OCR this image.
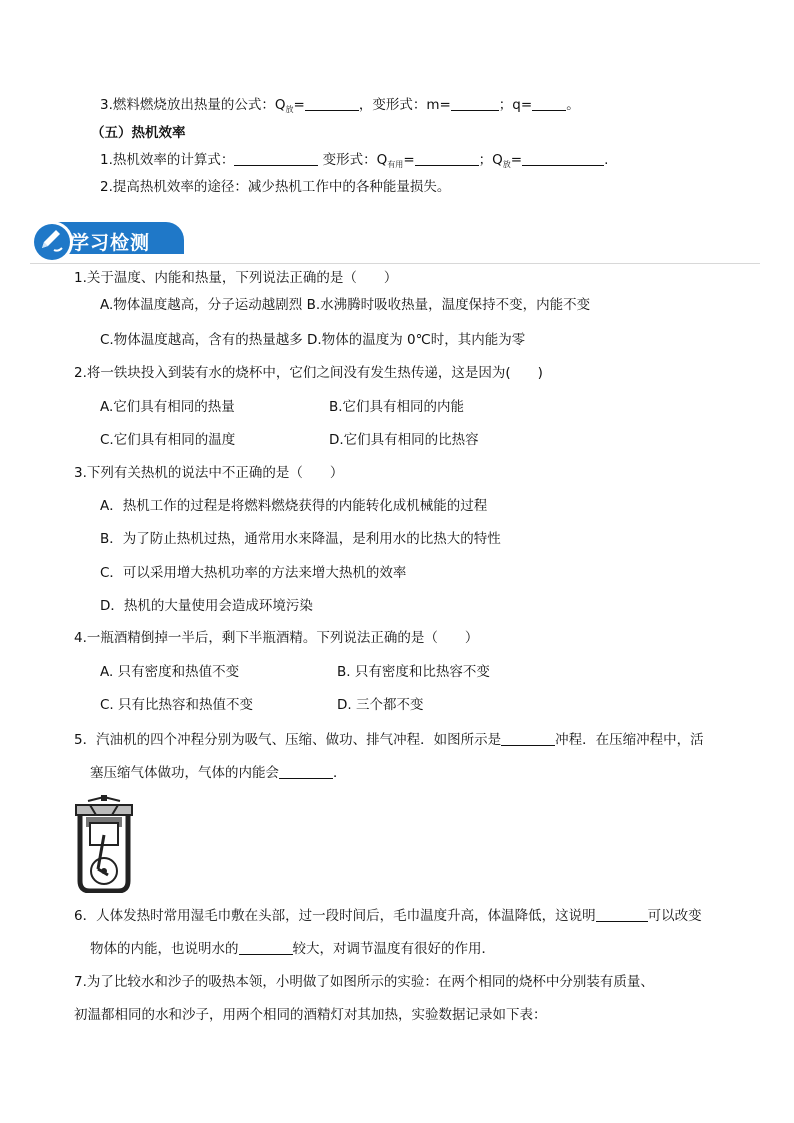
3.燃料燃烧放出热量的公式：$Q_放=$	，变形式：m=	；q=	。
（五）热机效率
1.热机效率的计算式：	变形式：$Q_{有用}=$	；$Q_放=$	.
2.提高热机效率的途径：减少热机工作中的各种能量损失。
学习检测
1.关于温度、内能和热量，下列说法正确的是（　　）
A.物体温度越高，分子运动越剧烈 B.水沸腾时吸收热量，温度保持不变，内能不变
C.物体温度越高，含有的热量越多 D.物体的温度为 0℃时，其内能为零
2.将一铁块投入到装有水的烧杯中，它们之间没有发生热传递，这是因为(　　)
A.它们具有相同的热量	B.它们具有相同的内能
C.它们具有相同的温度	D.它们具有相同的比热容
3.下列有关热机的说法中不正确的是（　　）
A．热机工作的过程是将燃料燃烧获得的内能转化成机械能的过程
B．为了防止热机过热，通常用水来降温，是利用水的比热大的特性
C．可以采用增大热机功率的方法来增大热机的效率
D．热机的大量使用会造成环境污染
4.一瓶酒精倒掉一半后，剩下半瓶酒精。下列说法正确的是（　　）
A. 只有密度和热值不变	B. 只有密度和比热容不变
C. 只有比热容和热值不变	D. 三个都不变
5．汽油机的四个冲程分别为吸气、压缩、做功、排气冲程．如图所示是	冲程．在压缩冲程中，活
塞压缩气体做功，气体的内能会	．
6．人体发热时常用湿毛巾敷在头部，过一段时间后，毛巾温度升高，体温降低，这说明	可以改变
物体的内能，也说明水的	较大，对调节温度有很好的作用．
7.为了比较水和沙子的吸热本领，小明做了如图所示的实验：在两个相同的烧杯中分别装有质量、
初温都相同的水和沙子，用两个相同的酒精灯对其加热，实验数据记录如下表：
